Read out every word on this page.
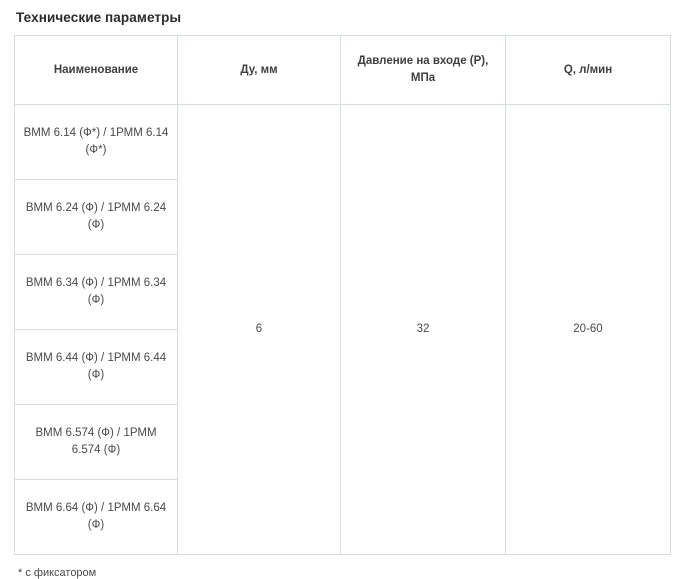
Технические параметры
Наименование	Ду, мм	Давление на входе (Р), МПа	Q, л/мин
ВММ 6.14 (Ф*) / 1РММ 6.14 (Ф*)	6	32	20-60
ВММ 6.24 (Ф) / 1РММ 6.24 (Ф)			
ВММ 6.34 (Ф) / 1РММ 6.34 (Ф)			
ВММ 6.44 (Ф) / 1РММ 6.44 (Ф)			
ВММ 6.574 (Ф) / 1РММ 6.574 (Ф)			
ВММ 6.64 (Ф) / 1РММ 6.64 (Ф)			
* с фиксатором
